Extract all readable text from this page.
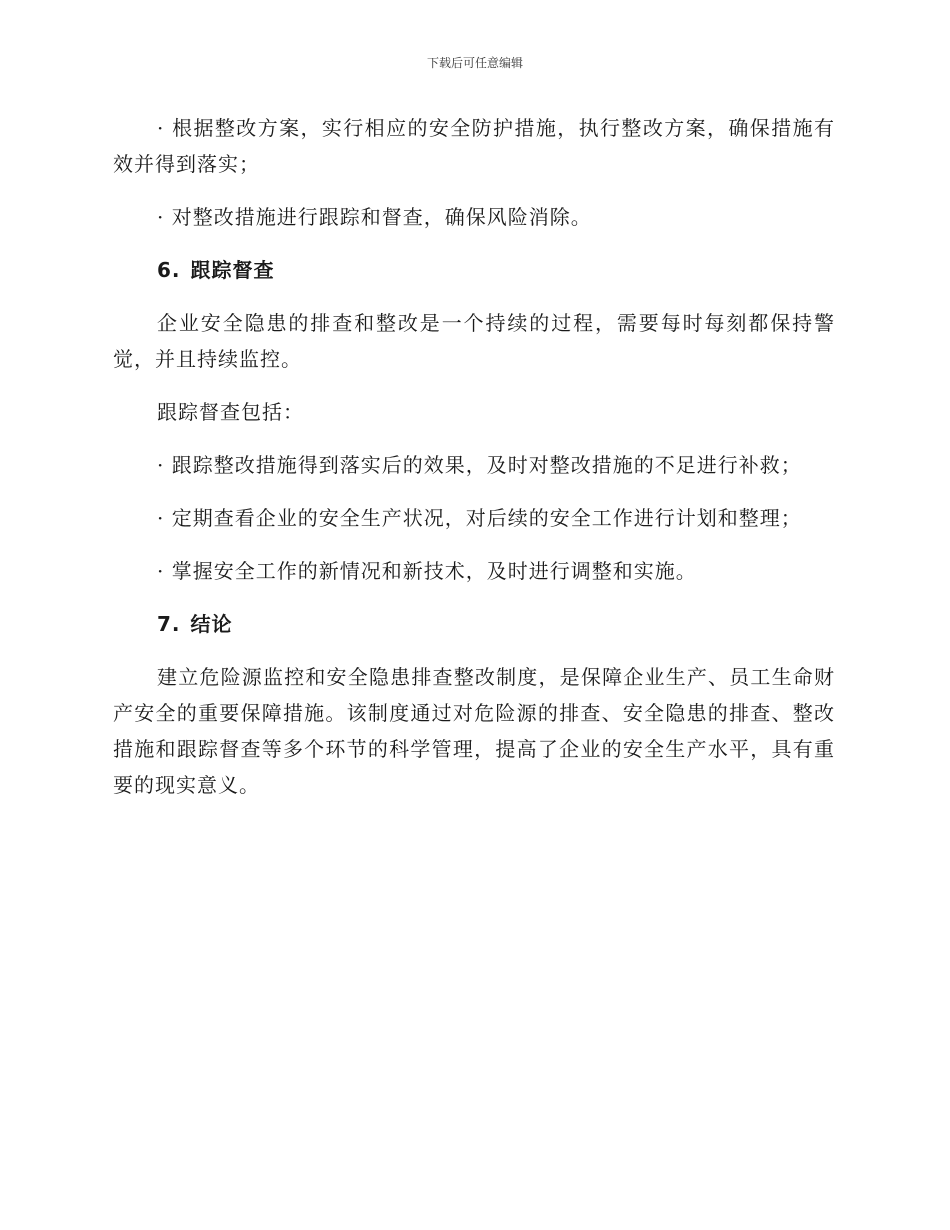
下载后可任意编辑

· 根据整改方案，实行相应的安全防护措施，执行整改方案，确保措施有效并得到落实；

· 对整改措施进行跟踪和督查，确保风险消除。

6. 跟踪督查

企业安全隐患的排查和整改是一个持续的过程，需要每时每刻都保持警觉，并且持续监控。

跟踪督查包括：

· 跟踪整改措施得到落实后的效果，及时对整改措施的不足进行补救；

· 定期查看企业的安全生产状况，对后续的安全工作进行计划和整理；

· 掌握安全工作的新情况和新技术，及时进行调整和实施。

7. 结论

建立危险源监控和安全隐患排查整改制度，是保障企业生产、员工生命财产安全的重要保障措施。该制度通过对危险源的排查、安全隐患的排查、整改措施和跟踪督查等多个环节的科学管理，提高了企业的安全生产水平，具有重要的现实意义。
